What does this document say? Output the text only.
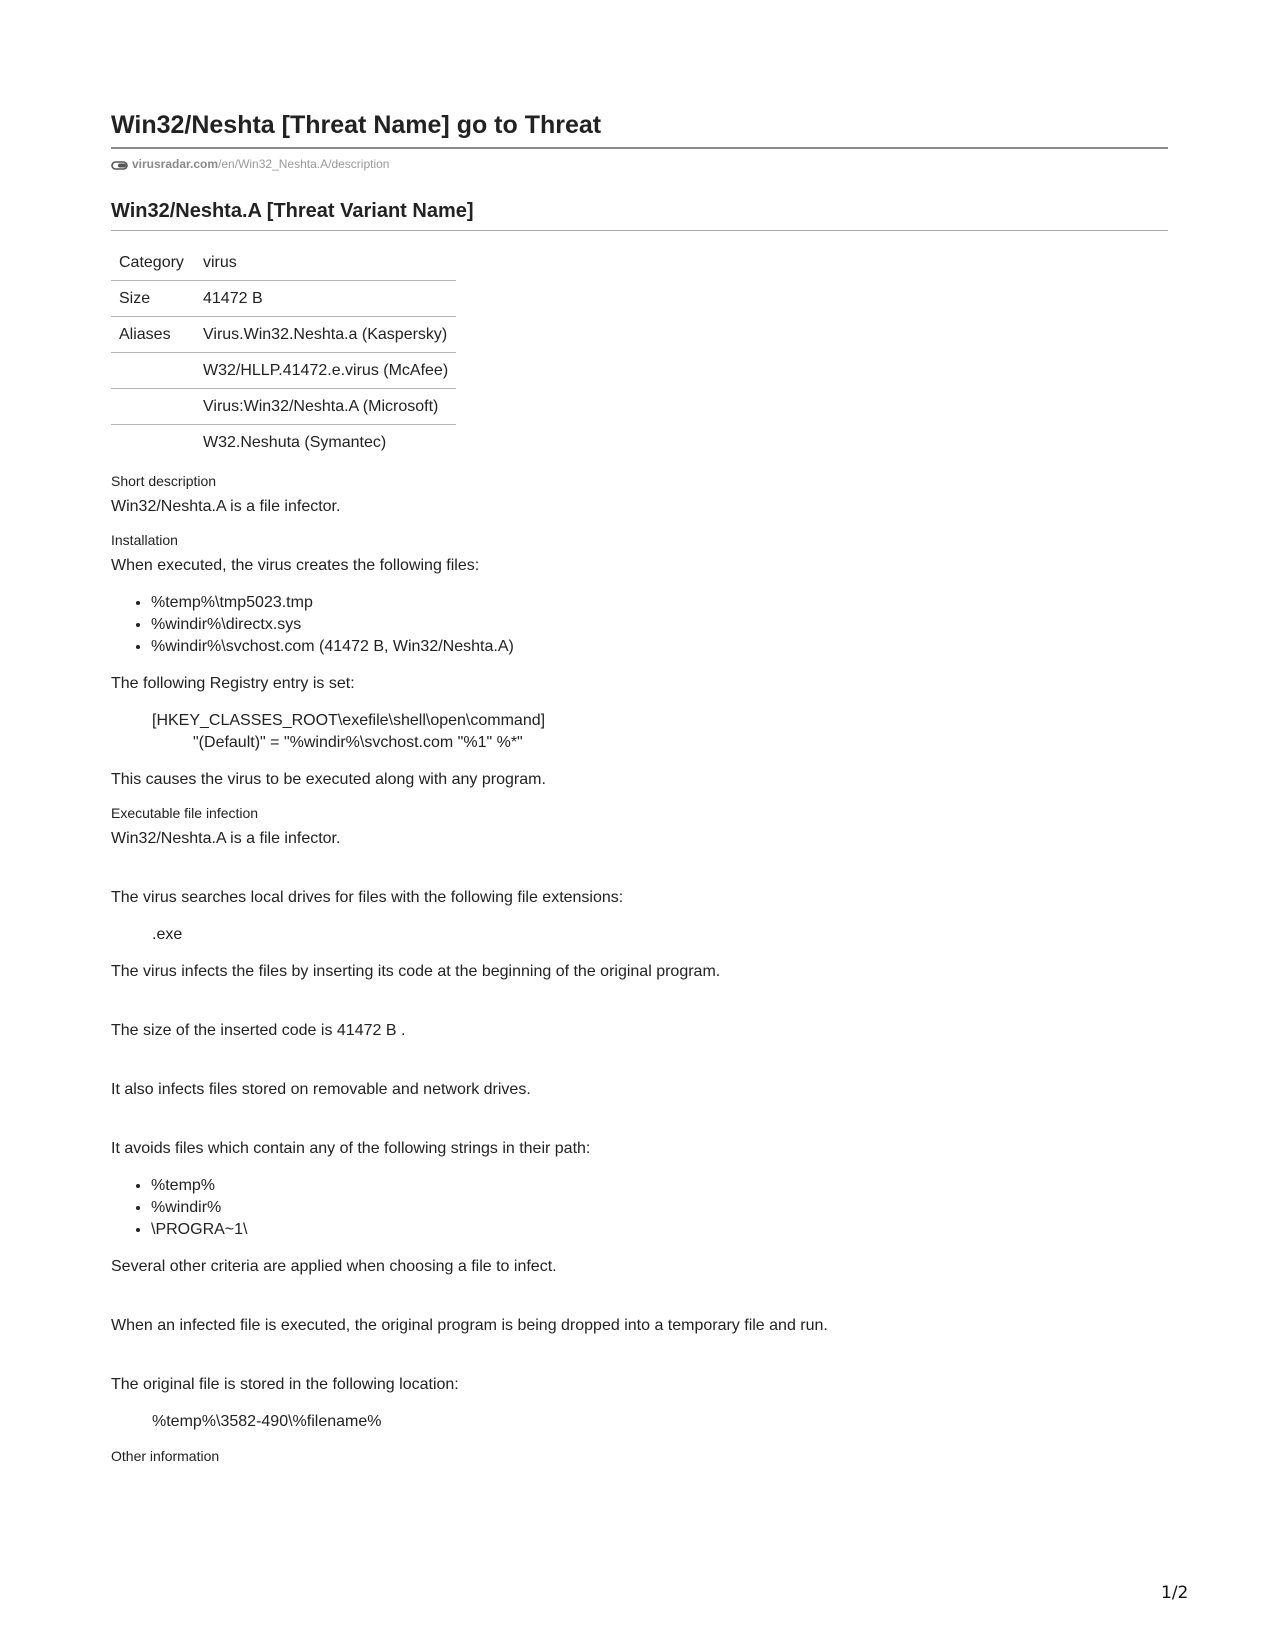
Win32/Neshta [Threat Name] go to Threat
virusradar.com /en/Win32_Neshta.A/description
Win32/Neshta.A [Threat Variant Name]
Category	virus
Size	41472 B
Aliases	Virus.Win32.Neshta.a (Kaspersky)
	W32/HLLP.41472.e.virus (McAfee)
	Virus:Win32/Neshta.A (Microsoft)
	W32.Neshuta (Symantec)
Short description

Win32/Neshta.A is a file infector.

Installation

When executed, the virus creates the following files:

• %temp%\tmp5023.tmp
• %windir%\directx.sys
• %windir%\svchost.com (41472 B, Win32/Neshta.A)

The following Registry entry is set:

[HKEY_CLASSES_ROOT\exefile\shell\open\command]
"(Default)" = "%windir%\svchost.com "%1" %*"

This causes the virus to be executed along with any program.

Executable file infection

Win32/Neshta.A is a file infector.

The virus searches local drives for files with the following file extensions:

.exe

The virus infects the files by inserting its code at the beginning of the original program.

The size of the inserted code is 41472 B .

It also infects files stored on removable and network drives.

It avoids files which contain any of the following strings in their path:

• %temp%
• %windir%
• \PROGRA~1\

Several other criteria are applied when choosing a file to infect.

When an infected file is executed, the original program is being dropped into a temporary file and run.

The original file is stored in the following location:

%temp%\3582-490\%filename%
Other information
1/2
